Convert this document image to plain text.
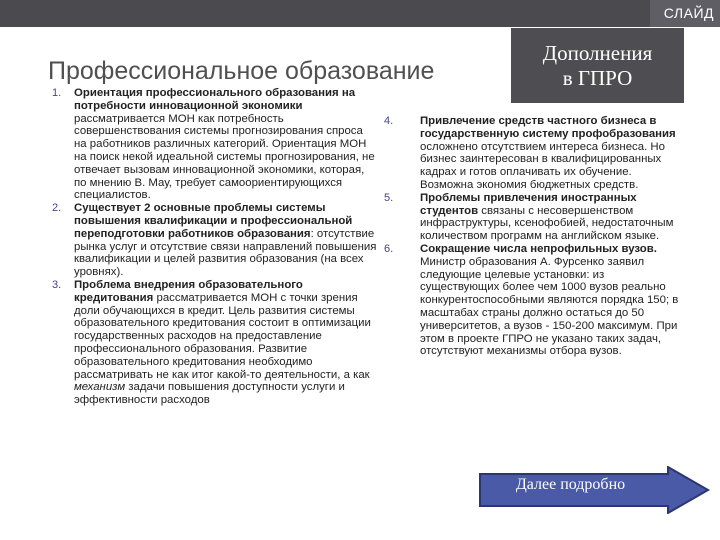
СЛАЙД
Профессиональное образование
Дополнения
в ГПРО

1.	Ориентация профессионального образования на потребности инновационной экономики рассматривается МОН как потребность совершенствования системы прогнозирования спроса на работников различных категорий. Ориентация МОН на поиск некой идеальной системы прогнозирования, не отвечает вызовам инновационной экономики, которая, по мнению В. Мау, требует самоориентирующихся специалистов.

2.	Существует 2 основные проблемы системы повышения квалификации и профессиональной переподготовки работников образования: отсутствие рынка услуг и отсутствие связи направлений повышения квалификации и целей развития образования (на всех уровнях).

3.	Проблема внедрения образовательного кредитования рассматривается МОН с точки зрения доли обучающихся в кредит. Цель развития системы образовательного кредитования состоит в оптимизации государственных расходов на предоставление профессионального образования. Развитие образовательного кредитования необходимо рассматривать не как итог какой-то деятельности, а как механизм задачи повышения доступности услуги и эффективности расходов

4.	Привлечение средств частного бизнеса в государственную систему профобразования осложнено отсутствием интереса бизнеса. Но бизнес заинтересован в квалифицированных кадрах и готов оплачивать их обучение. Возможна экономия бюджетных средств.

5.	Проблемы привлечения иностранных студентов связаны с несовершенством инфраструктуры, ксенофобией, недостаточным количеством программ на английском языке.

6.	Сокращение числа непрофильных вузов. Министр образования А. Фурсенко заявил следующие целевые установки: из существующих более чем 1000 вузов реально конкурентоспособными являются порядка 150; в масштабах страны должно остаться до 50 университетов, а вузов - 150-200 максимум. При этом в проекте ГПРО не указано таких задач, отсутствуют механизмы отбора вузов.

Далее подробно
